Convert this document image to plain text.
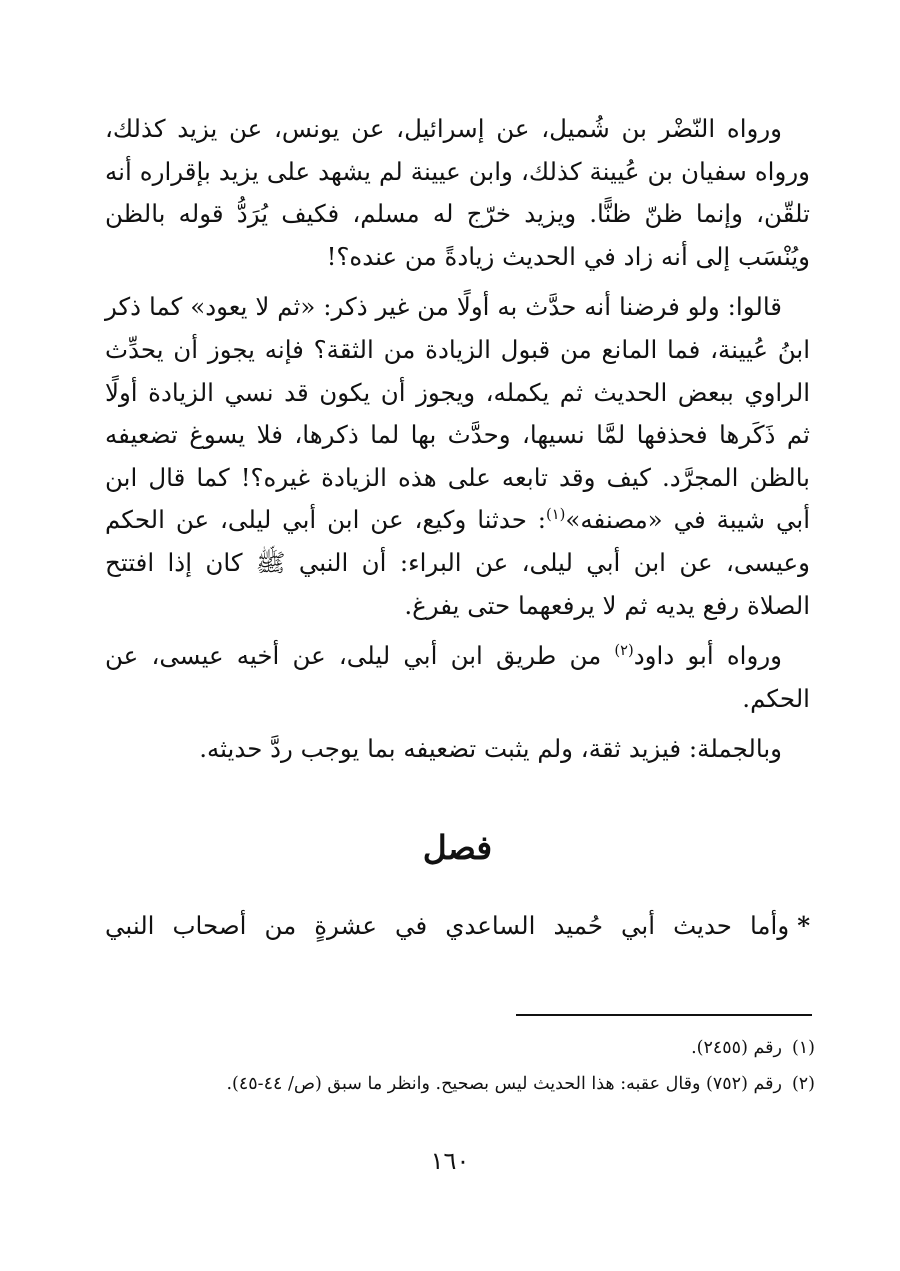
ورواه النّضْر بن شُميل، عن إسرائيل، عن يونس، عن يزيد كذلك، ورواه سفيان بن عُيينة كذلك، وابن عيينة لم يشهد على يزيد بإقراره أنه تلقّن، وإنما ظنّ ظنًّا. ويزيد خرّج له مسلم، فكيف يُرَدُّ قوله بالظن ويُنْسَب إلى أنه زاد في الحديث زيادةً من عنده؟!

قالوا: ولو فرضنا أنه حدَّث به أولًا من غير ذكر: «ثم لا يعود» كما ذكر ابنُ عُيينة، فما المانع من قبول الزيادة من الثقة؟ فإنه يجوز أن يحدِّث الراوي ببعض الحديث ثم يكمله، ويجوز أن يكون قد نسي الزيادة أولًا ثم ذَكَرها فحذفها لمَّا نسيها، وحدَّث بها لما ذكرها، فلا يسوغ تضعيفه بالظن المجرَّد. كيف وقد تابعه على هذه الزيادة غيره؟! كما قال ابن أبي شيبة في «مصنفه»$^{(١)}$: حدثنا وكيع، عن ابن أبي ليلى، عن الحكم وعيسى، عن ابن أبي ليلى، عن البراء: أن النبي ﷺ كان إذا افتتح الصلاة رفع يديه ثم لا يرفعهما حتى يفرغ.

ورواه أبو داود$^{(٢)}$ من طريق ابن أبي ليلى، عن أخيه عيسى، عن الحكم.

وبالجملة: فيزيد ثقة، ولم يثبت تضعيفه بما يوجب ردَّ حديثه.

فصل

*وأما حديث أبي حُميد الساعدي في عشرةٍ من أصحاب النبي

(١)رقم (٢٤٥٥).

(٢)رقم (٧٥٢) وقال عقبه: هذا الحديث ليس بصحيح. وانظر ما سبق (ص/ ٤٤-٤٥).

١٦٠
